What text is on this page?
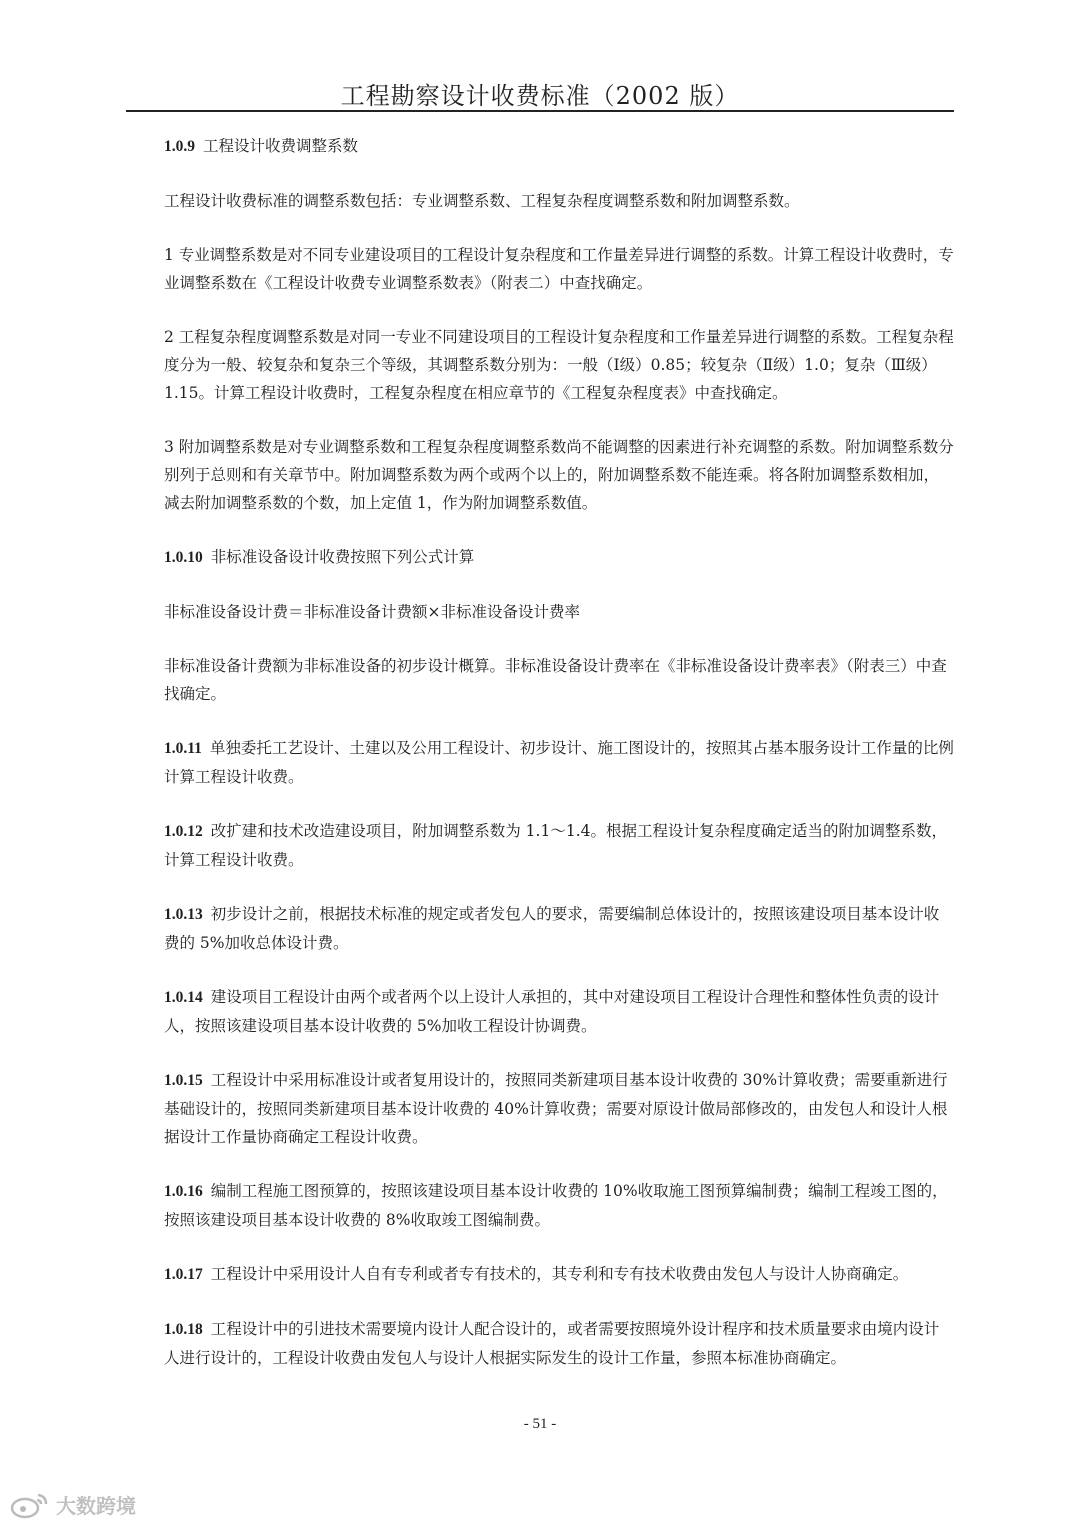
工程勘察设计收费标准（2002 版）

1.0.9 工程设计收费调整系数

工程设计收费标准的调整系数包括：专业调整系数、工程复杂程度调整系数和附加调整系数。

1 专业调整系数是对不同专业建设项目的工程设计复杂程度和工作量差异进行调整的系数。计算工程设计收费时，专业调整系数在《工程设计收费专业调整系数表》（附表二）中查找确定。

2 工程复杂程度调整系数是对同一专业不同建设项目的工程设计复杂程度和工作量差异进行调整的系数。工程复杂程度分为一般、较复杂和复杂三个等级，其调整系数分别为：一般（Ⅰ级）0.85；较复杂（Ⅱ级）1.0；复杂（Ⅲ级）1.15。计算工程设计收费时，工程复杂程度在相应章节的《工程复杂程度表》中查找确定。

3 附加调整系数是对专业调整系数和工程复杂程度调整系数尚不能调整的因素进行补充调整的系数。附加调整系数分别列于总则和有关章节中。附加调整系数为两个或两个以上的，附加调整系数不能连乘。将各附加调整系数相加，减去附加调整系数的个数，加上定值 1，作为附加调整系数值。

1.0.10 非标准设备设计收费按照下列公式计算

非标准设备设计费＝非标准设备计费额×非标准设备设计费率

非标准设备计费额为非标准设备的初步设计概算。非标准设备设计费率在《非标准设备设计费率表》（附表三）中查找确定。

1.0.11 单独委托工艺设计、土建以及公用工程设计、初步设计、施工图设计的，按照其占基本服务设计工作量的比例计算工程设计收费。

1.0.12 改扩建和技术改造建设项目，附加调整系数为 1.1～1.4。根据工程设计复杂程度确定适当的附加调整系数，计算工程设计收费。

1.0.13 初步设计之前，根据技术标准的规定或者发包人的要求，需要编制总体设计的，按照该建设项目基本设计收费的 5%加收总体设计费。

1.0.14 建设项目工程设计由两个或者两个以上设计人承担的，其中对建设项目工程设计合理性和整体性负责的设计人，按照该建设项目基本设计收费的 5%加收工程设计协调费。

1.0.15 工程设计中采用标准设计或者复用设计的，按照同类新建项目基本设计收费的 30%计算收费；需要重新进行基础设计的，按照同类新建项目基本设计收费的 40%计算收费；需要对原设计做局部修改的，由发包人和设计人根据设计工作量协商确定工程设计收费。

1.0.16 编制工程施工图预算的，按照该建设项目基本设计收费的 10%收取施工图预算编制费；编制工程竣工图的，按照该建设项目基本设计收费的 8%收取竣工图编制费。

1.0.17 工程设计中采用设计人自有专利或者专有技术的，其专利和专有技术收费由发包人与设计人协商确定。

1.0.18 工程设计中的引进技术需要境内设计人配合设计的，或者需要按照境外设计程序和技术质量要求由境内设计人进行设计的，工程设计收费由发包人与设计人根据实际发生的设计工作量，参照本标准协商确定。

- 51 -
大数跨境
